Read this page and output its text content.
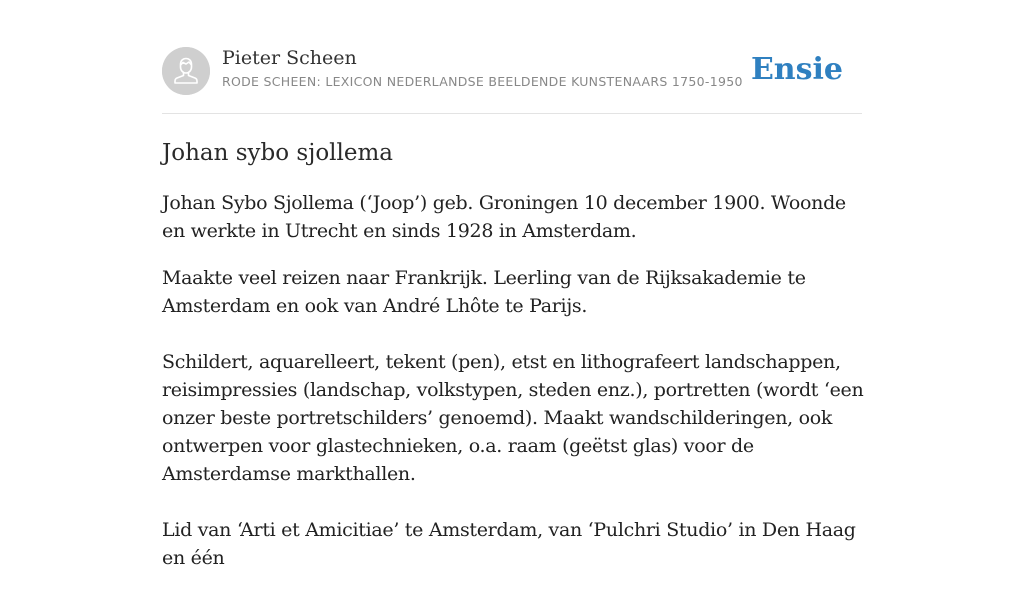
Pieter Scheen
RODE SCHEEN: LEXICON NEDERLANDSE BEELDENDE KUNSTENAARS 1750-1950 Ensie
Johan sybo sjollema

Johan Sybo Sjollema (‘Joop’) geb. Groningen 10 december 1900. Woonde en werkte in Utrecht en sinds 1928 in Amsterdam.

Maakte veel reizen naar Frankrijk. Leerling van de Rijksakademie te Amsterdam en ook van André Lhôte te Parijs.

Schildert, aquarelleert, tekent (pen), etst en lithografeert landschappen, reisimpressies (landschap, volkstypen, steden enz.), portretten (wordt ‘een onzer beste portretschilders’ genoemd). Maakt wandschilderingen, ook ontwerpen voor glastechnieken, o.a. raam (geëtst glas) voor de Amsterdamse markthallen.

Lid van ‘Arti et Amicitiae’ te Amsterdam, van ‘Pulchri Studio’ in Den Haag en één
